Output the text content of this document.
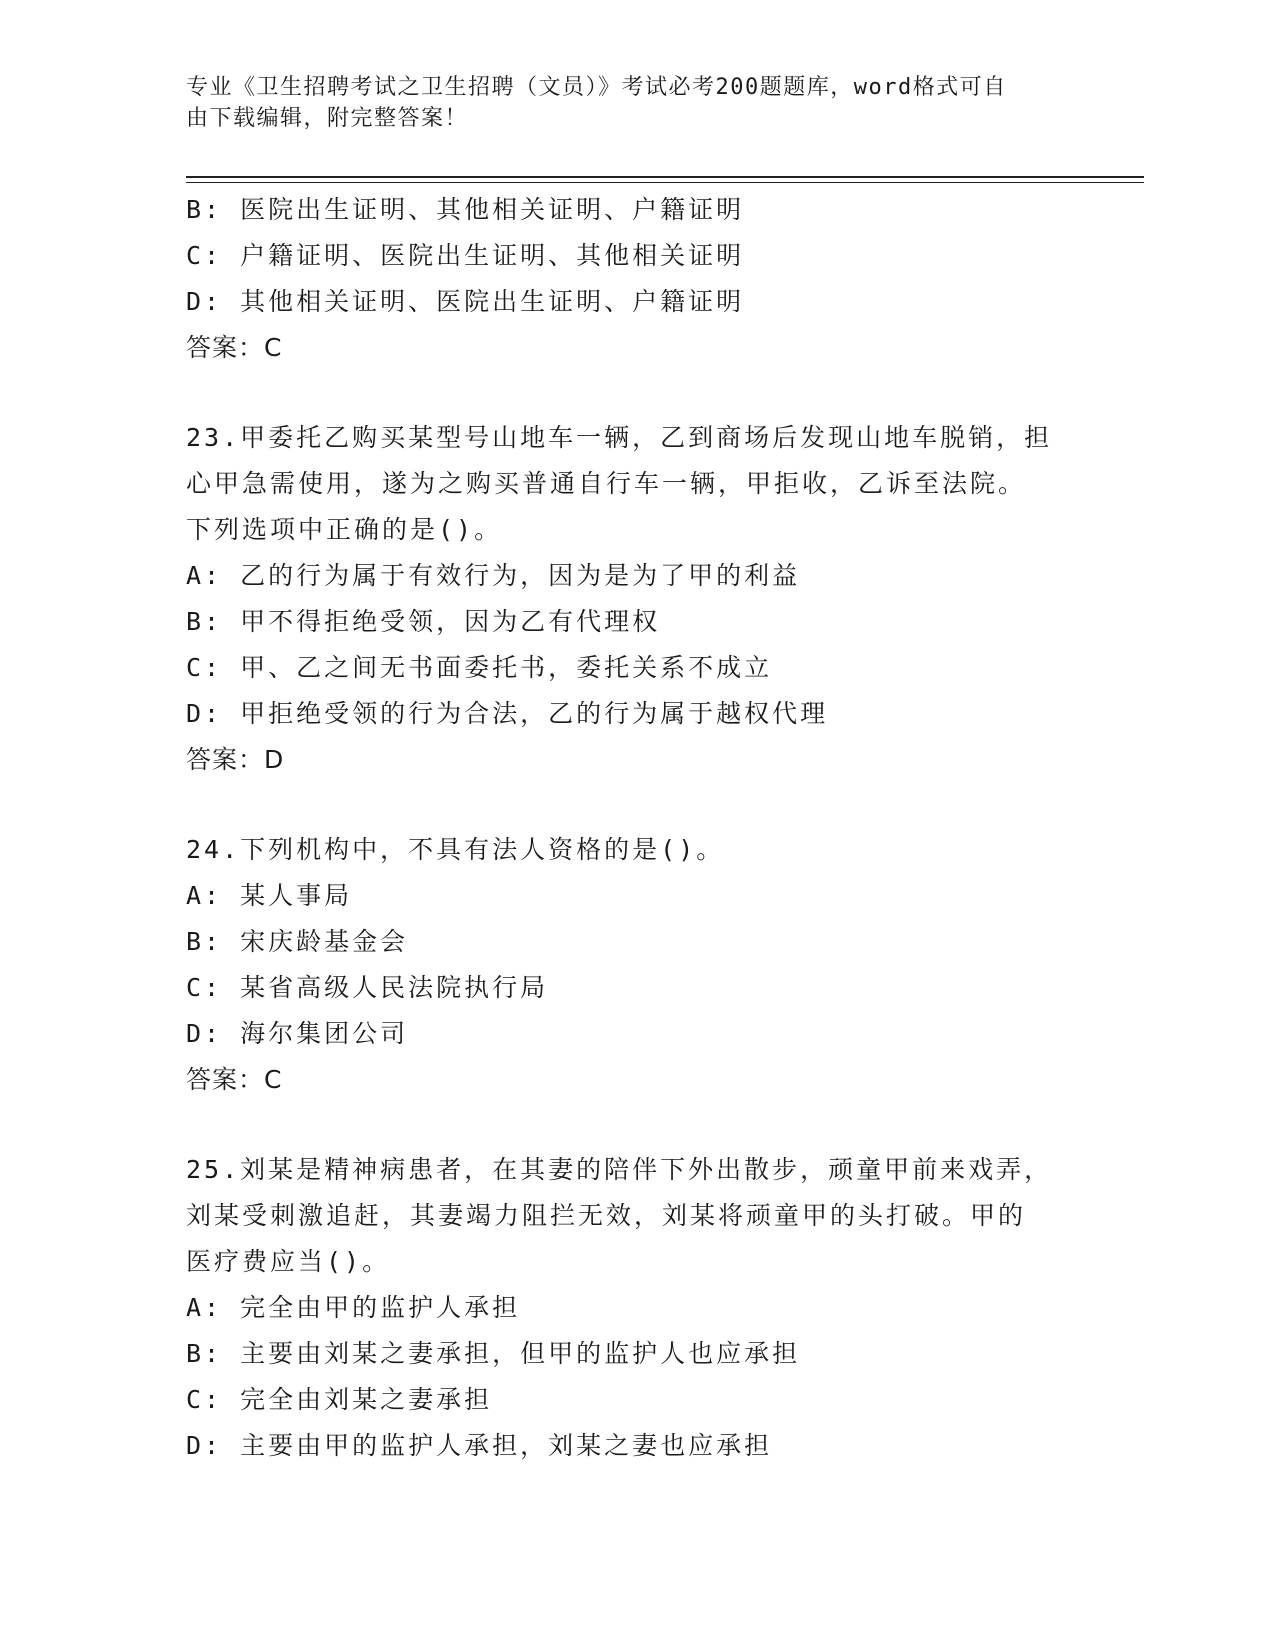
专业《卫生招聘考试之卫生招聘（文员）》考试必考200题题库，word格式可自
由下载编辑，附完整答案！
B: 医院出生证明、其他相关证明、户籍证明
C: 户籍证明、医院出生证明、其他相关证明
D: 其他相关证明、医院出生证明、户籍证明
答案：C
23.甲委托乙购买某型号山地车一辆，乙到商场后发现山地车脱销，担
心甲急需使用，遂为之购买普通自行车一辆，甲拒收，乙诉至法院。
下列选项中正确的是()。
A: 乙的行为属于有效行为，因为是为了甲的利益
B: 甲不得拒绝受领，因为乙有代理权
C: 甲、乙之间无书面委托书，委托关系不成立
D: 甲拒绝受领的行为合法，乙的行为属于越权代理
答案：D
24.下列机构中，不具有法人资格的是()。
A: 某人事局
B: 宋庆龄基金会
C: 某省高级人民法院执行局
D: 海尔集团公司
答案：C
25.刘某是精神病患者，在其妻的陪伴下外出散步，顽童甲前来戏弄，
刘某受刺激追赶，其妻竭力阻拦无效，刘某将顽童甲的头打破。甲的
医疗费应当()。
A: 完全由甲的监护人承担
B: 主要由刘某之妻承担，但甲的监护人也应承担
C: 完全由刘某之妻承担
D: 主要由甲的监护人承担，刘某之妻也应承担
